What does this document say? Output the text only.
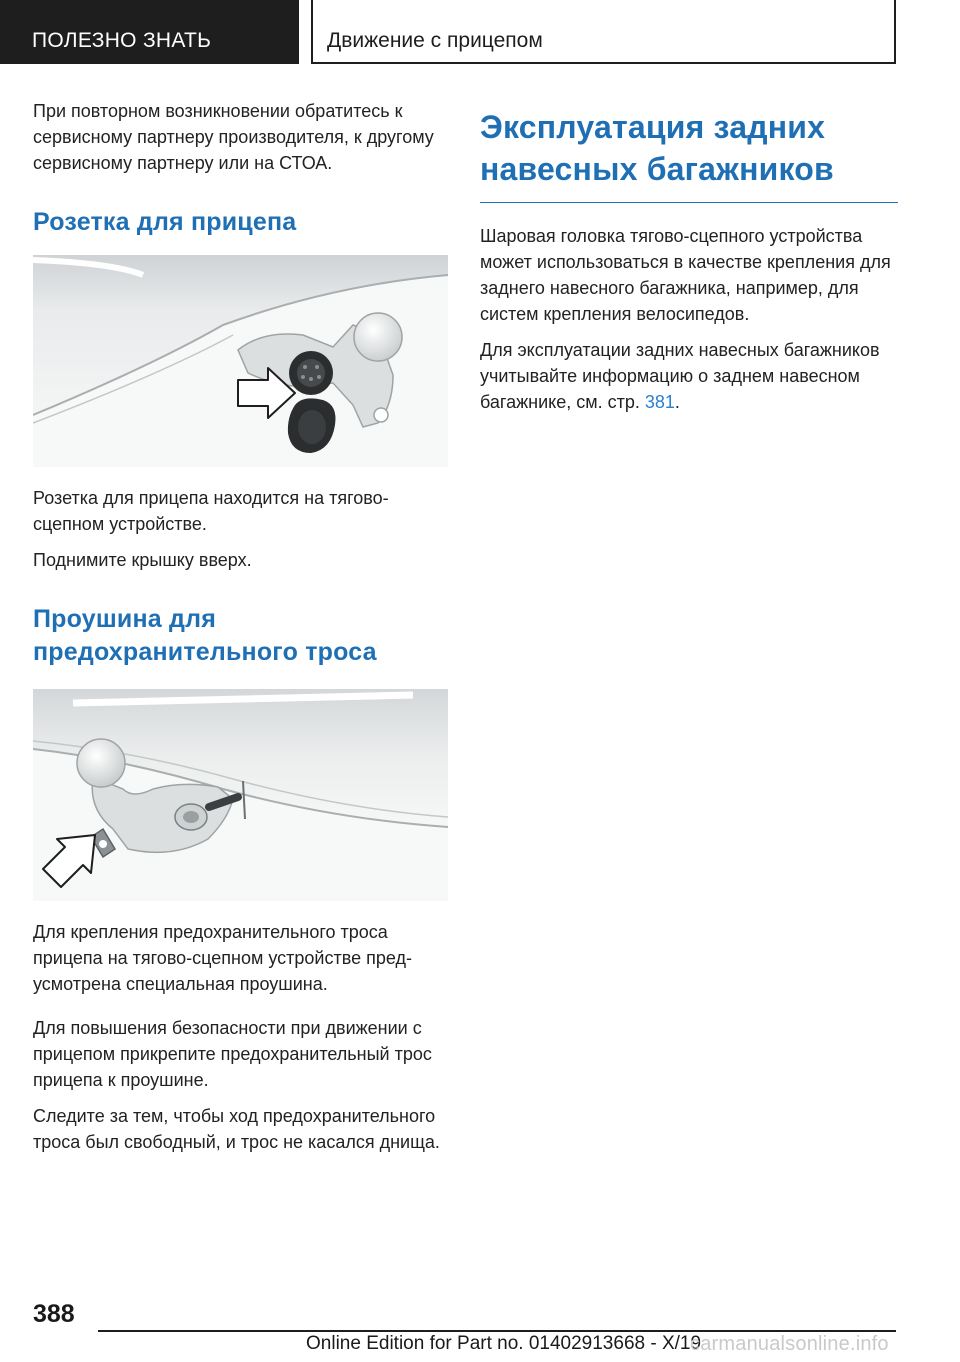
ПОЛЕЗНО ЗНАТЬ	Движение с прицепом

При повторном возникновении обратитесь к сервисному партнеру производителя, к другому сервисному партнеру или на СТОА.

Розетка для прицепа

Розетка для прицепа находится на тягово-сцепном устройстве.

Поднимите крышку вверх.

Проушина для предохранительного троса

Для крепления предохранительного троса прицепа на тягово-сцепном устройстве предусмотрена специальная проушина.

Для повышения безопасности при движении с прицепом прикрепите предохранительный трос прицепа к проушине.

Следите за тем, чтобы ход предохранительного троса был свободный, и трос не касался днища.

Эксплуатация задних навесных багажников

Шаровая головка тягово-сцепного устройства может использоваться в качестве крепления для заднего навесного багажника, например, для систем крепления велосипедов.

Для эксплуатации задних навесных багажников учитывайте информацию о заднем навесном багажнике, см. стр. 381.

388
Online Edition for Part no. 01402913668 - X/19
carmanualsonline.info
